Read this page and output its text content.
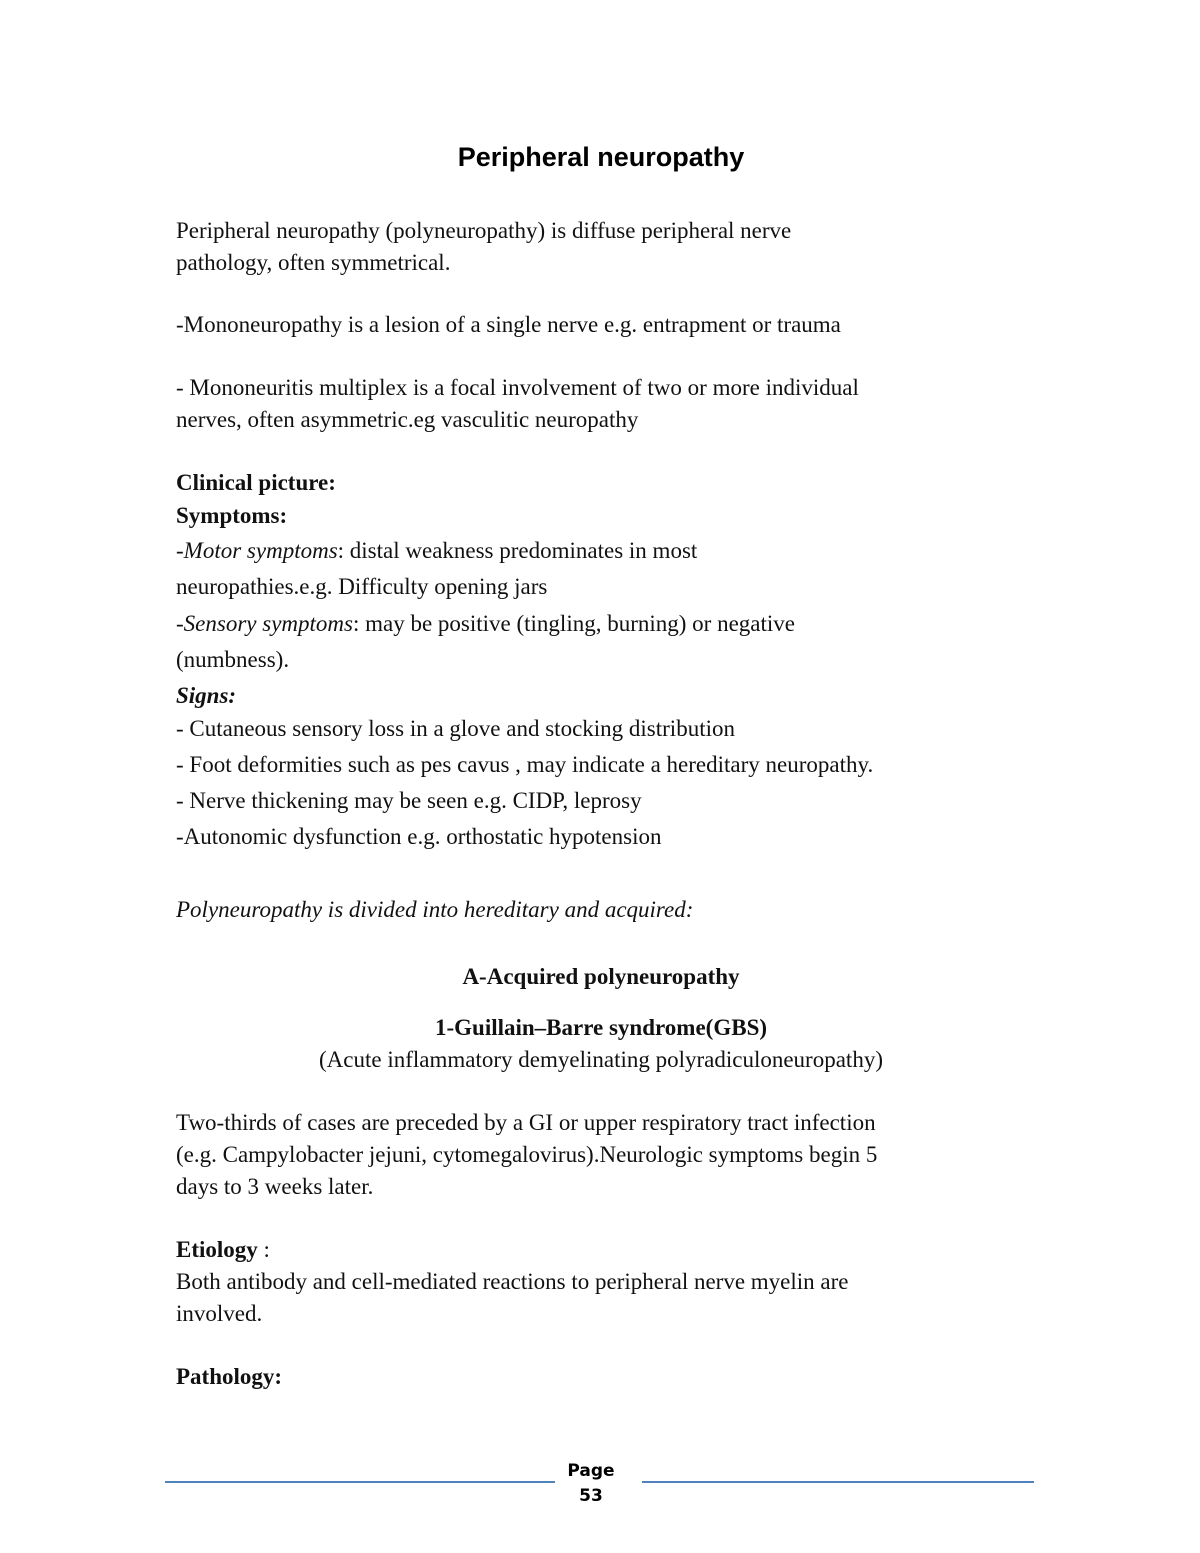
Peripheral neuropathy

Peripheral neuropathy (polyneuropathy) is diffuse peripheral nerve

pathology, often symmetrical.

-Mononeuropathy is a lesion of a single nerve e.g. entrapment or trauma

- Mononeuritis multiplex is a focal involvement of two or more individual

nerves, often asymmetric.eg vasculitic neuropathy

Clinical picture:

Symptoms:

-Motor symptoms: distal weakness predominates in most

neuropathies.e.g. Difficulty opening jars

-Sensory symptoms: may be positive (tingling, burning) or negative

(numbness).

Signs:

- Cutaneous sensory loss in a glove and stocking distribution

- Foot deformities such as pes cavus , may indicate a hereditary neuropathy.

- Nerve thickening may be seen e.g. CIDP, leprosy

-Autonomic dysfunction e.g. orthostatic hypotension

Polyneuropathy is divided into hereditary and acquired:

A-Acquired polyneuropathy

1-Guillain–Barre syndrome(GBS)

(Acute inflammatory demyelinating polyradiculoneuropathy)

Two-thirds of cases are preceded by a GI or upper respiratory tract infection

(e.g. Campylobacter jejuni, cytomegalovirus).Neurologic symptoms begin 5

days to 3 weeks later.

Etiology :

Both antibody and cell-mediated reactions to peripheral nerve myelin are

involved.

Pathology:

Page
53
